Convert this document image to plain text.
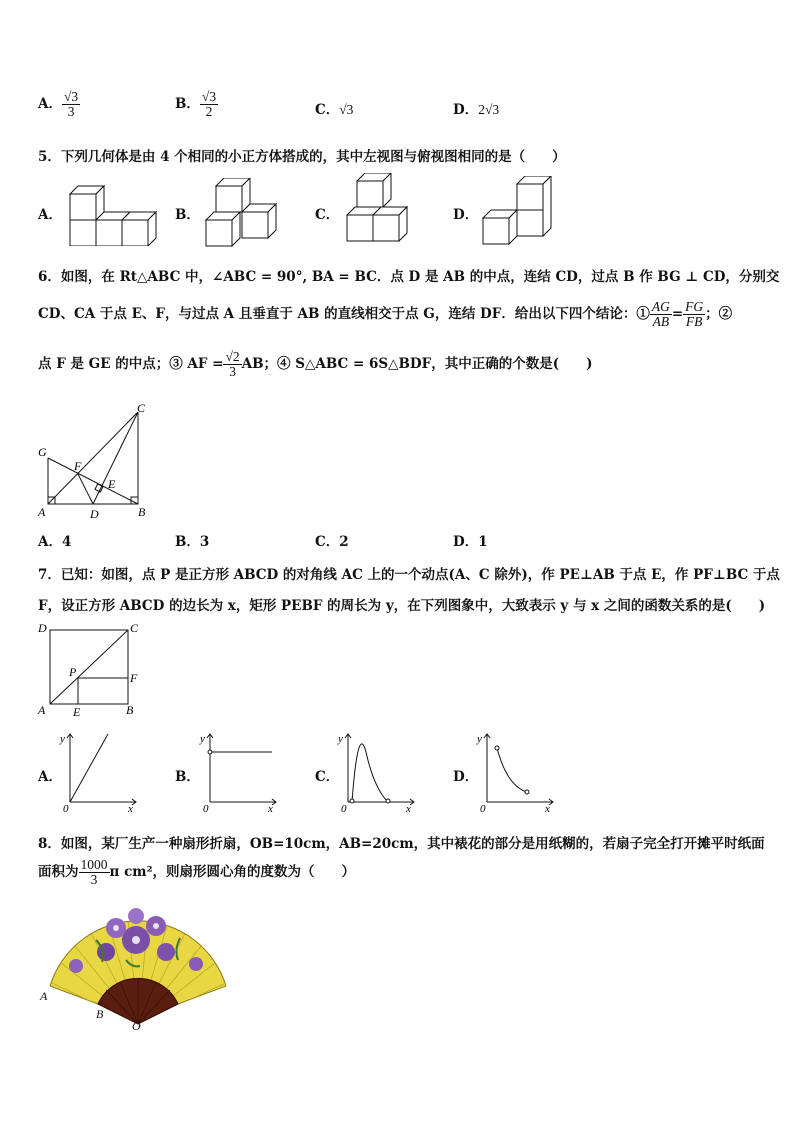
A． $\frac{√3}{3}$	B． $\frac{√3}{2}$	C．√3	D．2√3
5．下列几何体是由 4 个相同的小正方体搭成的，其中左视图与俯视图相同的是（　　）
A．	B．	C．	D．
6．如图，在 Rt△ABC 中，∠ABC = 90°, BA = BC．点 D 是 AB 的中点，连结 CD，过点 B 作 BG ⊥ CD，分别交
CD、CA 于点 E、F，与过点 A 且垂直于 AB 的直线相交于点 G，连结 DF．给出以下四个结论：① $\frac{AG}{AB} = \frac{FG}{FB}$ ；②
点 F 是 GE 的中点；③ AF = $\frac{√2}{3}$ AB；④ S△ABC = 6S△BDF，其中正确的个数是(　　)
C
G
F
E
A	D	B
A．4	B．3	C．2	D．1
7．已知：如图，点 P 是正方形 ABCD 的对角线 AC 上的一个动点(A、C 除外)，作 PE⊥AB 于点 E，作 PF⊥BC 于点
F，设正方形 ABCD 的边长为 x，矩形 PEBF 的周长为 y，在下列图象中，大致表示 y 与 x 之间的函数关系的是(　　)
D	C
P	F
A E	B
A．
y
x
0
B．
y
x
0
C．
y
x
0
D．
y
x
0
8．如图，某厂生产一种扇形折扇，OB=10cm，AB=20cm，其中裱花的部分是用纸糊的，若扇子完全打开摊平时纸面
面积为 $\frac{1000}{3}$ π cm²，则扇形圆心角的度数为（　　）
A
B
O
